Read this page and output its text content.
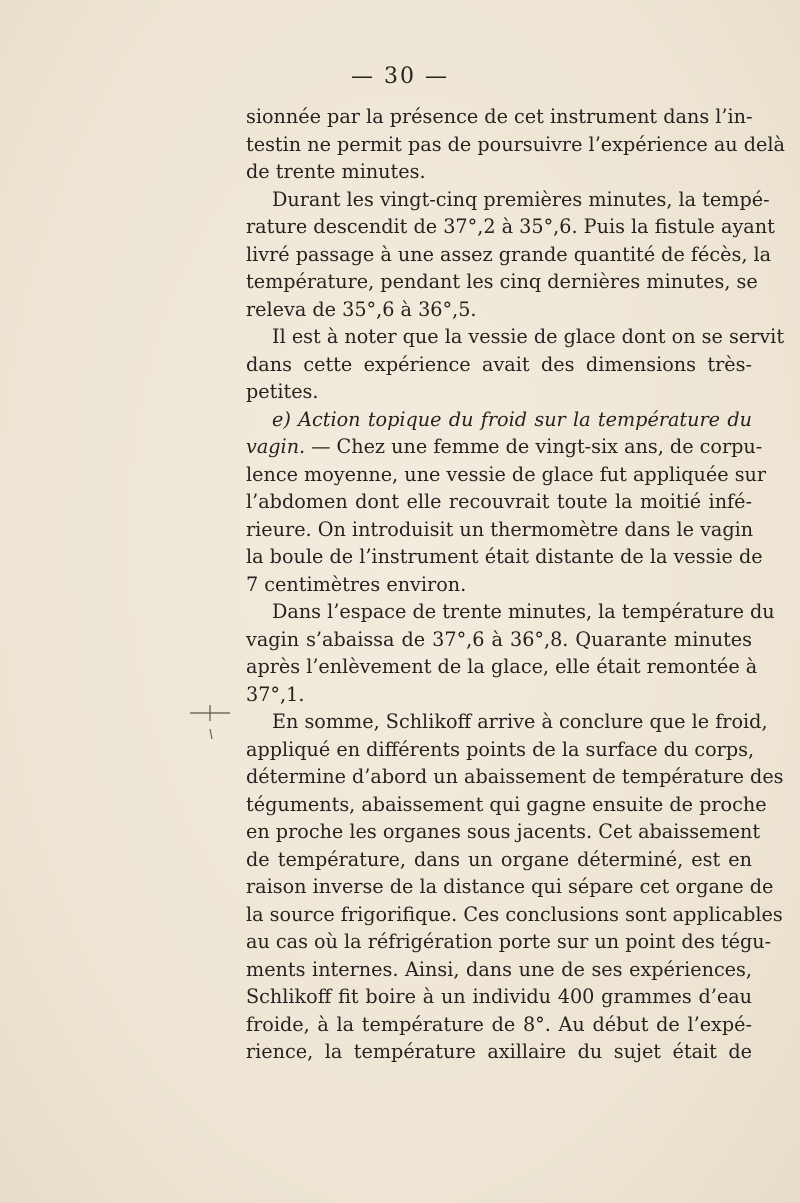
— 30 —
sionnée par la présence de cet instrument dans l’in-
testin ne permit pas de poursuivre l’expérience au delà
de trente minutes.
Durant les vingt-cinq premières minutes, la tempé-
rature descendit de 37°,2 à 35°,6. Puis la fistule ayant
livré passage à une assez grande quantité de fécès, la
température, pendant les cinq dernières minutes, se
releva de 35°,6 à 36°,5.
Il est à noter que la vessie de glace dont on se servit
dans cette expérience avait des dimensions très-
petites.
e) Action topique du froid sur la température du
vagin. — Chez une femme de vingt-six ans, de corpu-
lence moyenne, une vessie de glace fut appliquée sur
l’abdomen dont elle recouvrait toute la moitié infé-
rieure. On introduisit un thermomètre dans le vagin
la boule de l’instrument était distante de la vessie de
7 centimètres environ.
Dans l’espace de trente minutes, la température du
vagin s’abaissa de 37°,6 à 36°,8. Quarante minutes
après l’enlèvement de la glace, elle était remontée à
37°,1.
En somme, Schlikoff arrive à conclure que le froid,
appliqué en différents points de la surface du corps,
détermine d’abord un abaissement de température des
téguments, abaissement qui gagne ensuite de proche
en proche les organes sous jacents. Cet abaissement
de température, dans un organe déterminé, est en
raison inverse de la distance qui sépare cet organe de
la source frigorifique. Ces conclusions sont applicables
au cas où la réfrigération porte sur un point des tégu-
ments internes. Ainsi, dans une de ses expériences,
Schlikoff fit boire à un individu 400 grammes d’eau
froide, à la température de 8°. Au début de l’expé-
rience, la température axillaire du sujet était de
